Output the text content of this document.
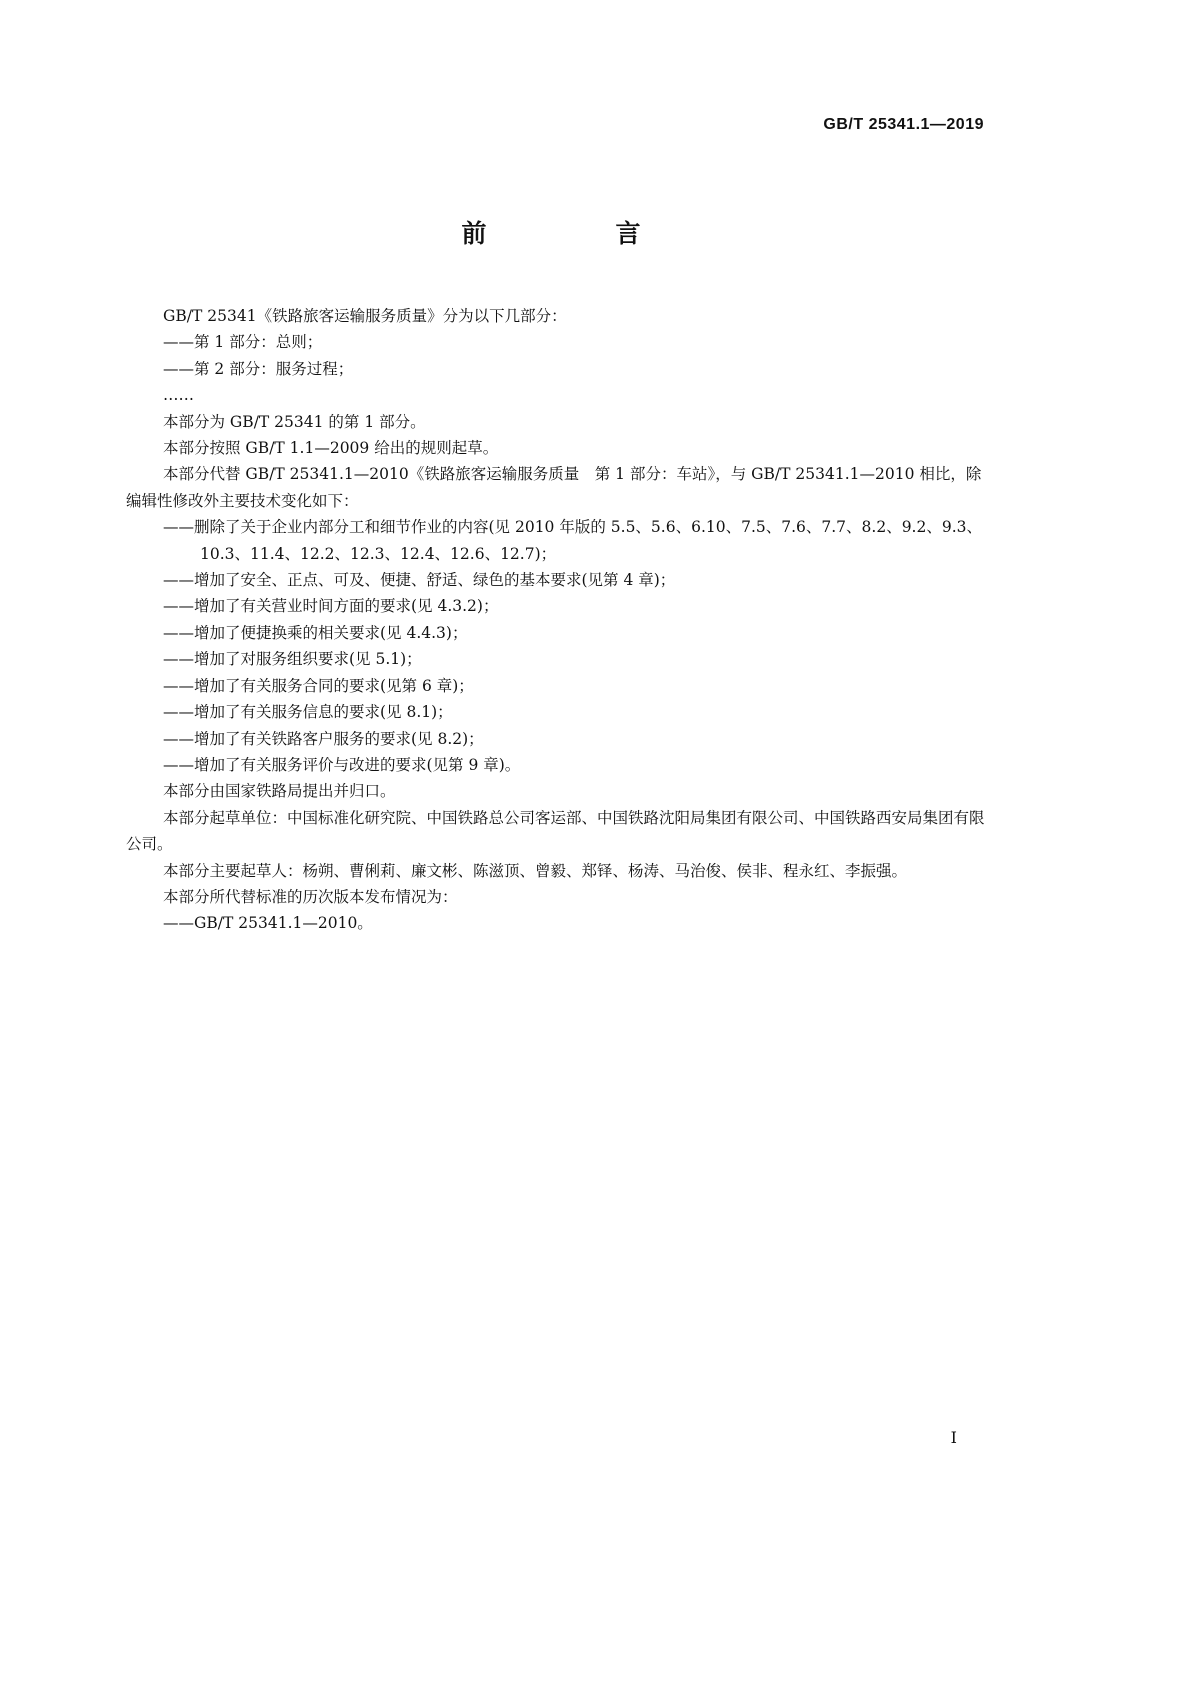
GB/T 25341.1—2019
前　言

GB/T 25341《铁路旅客运输服务质量》分为以下几部分：

——第 1 部分：总则；

——第 2 部分：服务过程；

……

本部分为 GB/T 25341 的第 1 部分。

本部分按照 GB/T 1.1—2009 给出的规则起草。

本部分代替 GB/T 25341.1—2010《铁路旅客运输服务质量　第 1 部分：车站》，与 GB/T 25341.1—2010 相比，除编辑性修改外主要技术变化如下：

——删除了关于企业内部分工和细节作业的内容(见 2010 年版的 5.5、5.6、6.10、7.5、7.6、7.7、8.2、9.2、9.3、10.3、11.4、12.2、12.3、12.4、12.6、12.7)；

——增加了安全、正点、可及、便捷、舒适、绿色的基本要求(见第 4 章)；

——增加了有关营业时间方面的要求(见 4.3.2)；

——增加了便捷换乘的相关要求(见 4.4.3)；

——增加了对服务组织要求(见 5.1)；

——增加了有关服务合同的要求(见第 6 章)；

——增加了有关服务信息的要求(见 8.1)；

——增加了有关铁路客户服务的要求(见 8.2)；

——增加了有关服务评价与改进的要求(见第 9 章)。

本部分由国家铁路局提出并归口。

本部分起草单位：中国标准化研究院、中国铁路总公司客运部、中国铁路沈阳局集团有限公司、中国铁路西安局集团有限公司。

本部分主要起草人：杨朔、曹俐莉、廉文彬、陈滋顶、曾毅、郑铎、杨涛、马治俊、侯非、程永红、李振强。

本部分所代替标准的历次版本发布情况为：

——GB/T 25341.1—2010。

I
